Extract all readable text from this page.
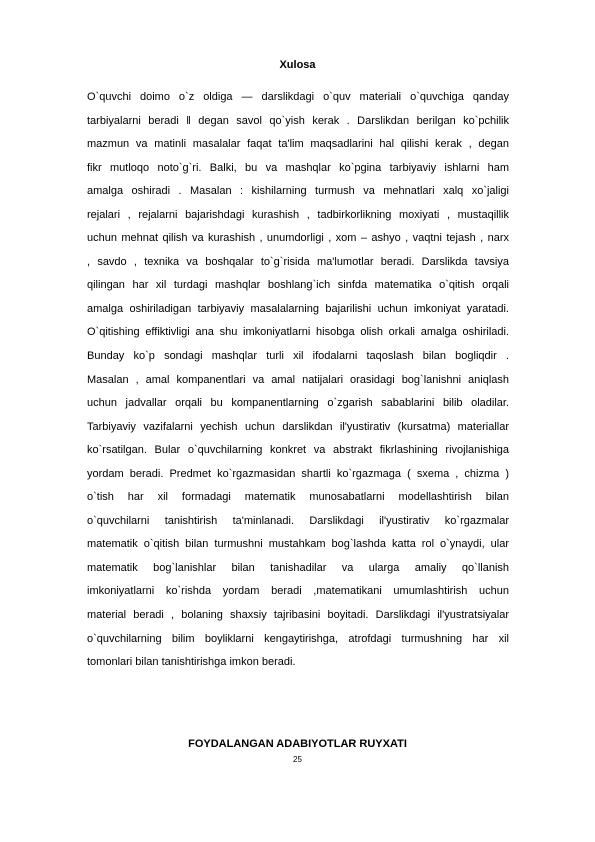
Xulosa

O`quvchi doimo o`z oldiga — darslikdagi o`quv materiali o`quvchiga qanday
tarbiyalarni beradi ‖ degan savol qo`yish kerak . Darslikdan berilgan ko`pchilik
mazmun va matinli masalalar faqat ta'lim maqsadlarini hal qilishi kerak , degan
fikr mutloqo noto`g`ri. Balki, bu va mashqlar ko`pgina tarbiyaviy ishlarni ham
amalga oshiradi . Masalan : kishilarning turmush va mehnatlari xalq xo`jaligi
rejalari , rejalarni bajarishdagi kurashish , tadbirkorlikning moxiyati , mustaqillik
uchun mehnat qilish va kurashish , unumdorligi , xom – ashyo , vaqtni tejash , narx
, savdo , texnika va boshqalar to`g`risida ma'lumotlar beradi. Darslikda tavsiya
qilingan har xil turdagi mashqlar boshlang`ich sinfda matematika o`qitish orqali
amalga oshiriladigan tarbiyaviy masalalarning bajarilishi uchun imkoniyat yaratadi.
O`qitishing effiktivligi ana shu imkoniyatlarni hisobga olish orkali amalga oshiriladi.
Bunday ko`p sondagi mashqlar turli xil ifodalarni taqoslash bilan bogliqdir .
Masalan , amal kompanentlari va amal natijalari orasidagi bog`lanishni aniqlash
uchun jadvallar orqali bu kompanentlarning o`zgarish sabablarini bilib oladilar.
Tarbiyaviy vazifalarni yechish uchun darslikdan il'yustirativ (kursatma) materiallar
ko`rsatilgan. Bular o`quvchilarning konkret va abstrakt fikrlashining rivojlanishiga
yordam beradi. Predmet ko`rgazmasidan shartli ko`rgazmaga ( sxema , chizma )
o`tish har xil formadagi matematik munosabatlarni modellashtirish bilan
o`quvchilarni tanishtirish ta'minlanadi. Darslikdagi il'yustirativ ko`rgazmalar
matematik o`qitish bilan turmushni mustahkam bog`lashda katta rol o`ynaydi, ular
matematik bog`lanishlar bilan tanishadilar va ularga amaliy qo`llanish
imkoniyatlarni ko`rishda yordam beradi ,matematikani umumlashtirish uchun
material beradi , bolaning shaxsiy tajribasini boyitadi. Darslikdagi il'yustratsiyalar
o`quvchilarning bilim boyliklarni kengaytirishga, atrofdagi turmushning har xil
tomonlari bilan tanishtirishga imkon beradi.

FOYDALANGAN ADABIYOTLAR RUYXATI
25
